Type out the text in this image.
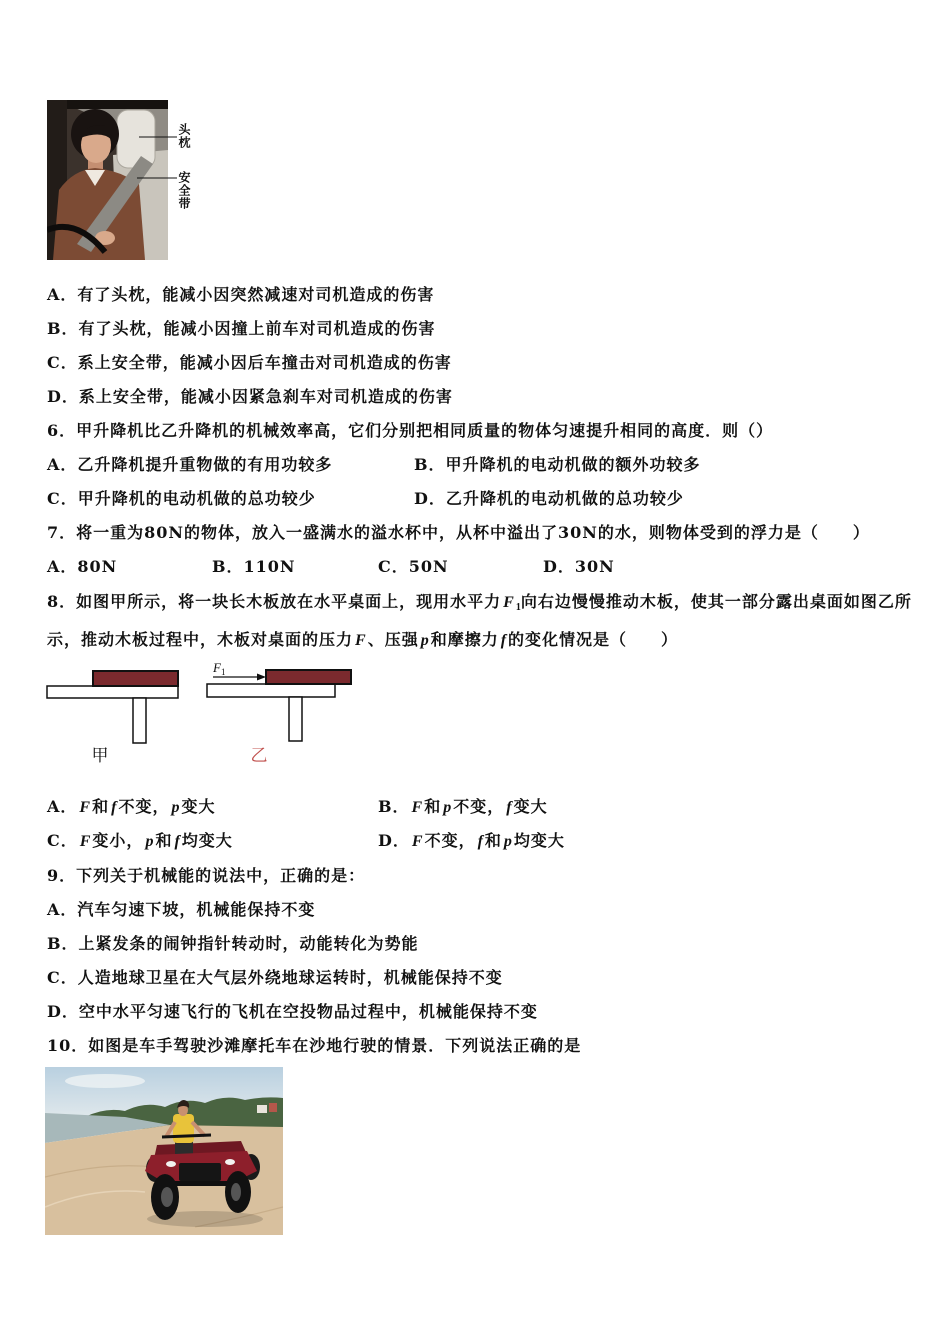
头枕
安全带
A．有了头枕，能减小因突然减速对司机造成的伤害
B．有了头枕，能减小因撞上前车对司机造成的伤害
C．系上安全带，能减小因后车撞击对司机造成的伤害
D．系上安全带，能减小因紧急刹车对司机造成的伤害
6．甲升降机比乙升降机的机械效率高，它们分别把相同质量的物体匀速提升相同的高度．则（）
A．乙升降机提升重物做的有用功较多	B．甲升降机的电动机做的额外功较多
C．甲升降机的电动机做的总功较少	D．乙升降机的电动机做的总功较少
7．将一重为80N的物体，放入一盛满水的溢水杯中，从杯中溢出了30N的水，则物体受到的浮力是（　　）
A．80N	B．110N	C．50N	D．30N
8．如图甲所示，将一块长木板放在水平桌面上，现用水平力 F $_1$向右边慢慢推动木板，使其一部分露出桌面如图乙所
示，推动木板过程中，木板对桌面的压力 F 、压强 p 和摩擦力 f 的变化情况是（　　）
甲
$F_1$
乙
A． F 和 f 不变， p 变大	B． F 和 p 不变， f 变大
C． F 变小， p 和 f 均变大	D． F 不变， f 和 p 均变大
9．下列关于机械能的说法中，正确的是：
A．汽车匀速下坡，机械能保持不变
B．上紧发条的闹钟指针转动时，动能转化为势能
C．人造地球卫星在大气层外绕地球运转时，机械能保持不变
D．空中水平匀速飞行的飞机在空投物品过程中，机械能保持不变
10．如图是车手驾驶沙滩摩托车在沙地行驶的情景．下列说法正确的是
